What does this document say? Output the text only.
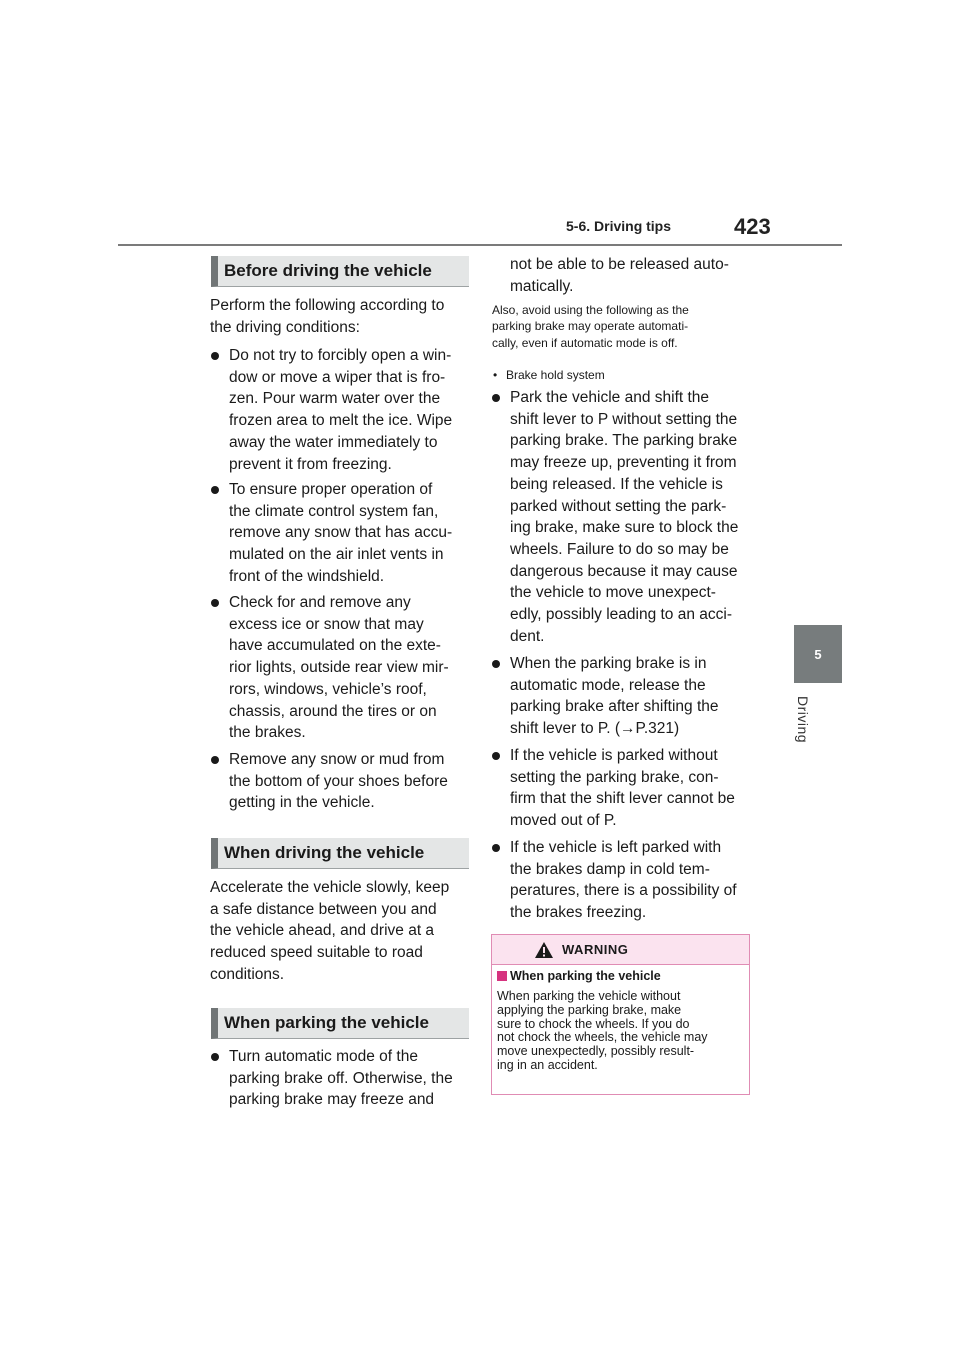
5-6. Driving tips	423
5
Driving
Before driving the vehicle
Perform the following according to
the driving conditions:
Do not try to forcibly open a win-
dow or move a wiper that is fro-
zen. Pour warm water over the
frozen area to melt the ice. Wipe
away the water immediately to
prevent it from freezing.
To ensure proper operation of
the climate control system fan,
remove any snow that has accu-
mulated on the air inlet vents in
front of the windshield.
Check for and remove any
excess ice or snow that may
have accumulated on the exte-
rior lights, outside rear view mir-
rors, windows, vehicle’s roof,
chassis, around the tires or on
the brakes.
Remove any snow or mud from
the bottom of your shoes before
getting in the vehicle.
When driving the vehicle
Accelerate the vehicle slowly, keep
a safe distance between you and
the vehicle ahead, and drive at a
reduced speed suitable to road
conditions.
When parking the vehicle
Turn automatic mode of the
parking brake off. Otherwise, the
parking brake may freeze and
not be able to be released auto-
matically.
Also, avoid using the following as the
parking brake may operate automati-
cally, even if automatic mode is off.
• Brake hold system
Park the vehicle and shift the
shift lever to P without setting the
parking brake. The parking brake
may freeze up, preventing it from
being released. If the vehicle is
parked without setting the park-
ing brake, make sure to block the
wheels. Failure to do so may be
dangerous because it may cause
the vehicle to move unexpect-
edly, possibly leading to an acci-
dent.
When the parking brake is in
automatic mode, release the
parking brake after shifting the
shift lever to P. (→P.321)
If the vehicle is parked without
setting the parking brake, con-
firm that the shift lever cannot be
moved out of P.
If the vehicle is left parked with
the brakes damp in cold tem-
peratures, there is a possibility of
the brakes freezing.
WARNING
When parking the vehicle
When parking the vehicle without
applying the parking brake, make
sure to chock the wheels. If you do
not chock the wheels, the vehicle may
move unexpectedly, possibly result-
ing in an accident.
